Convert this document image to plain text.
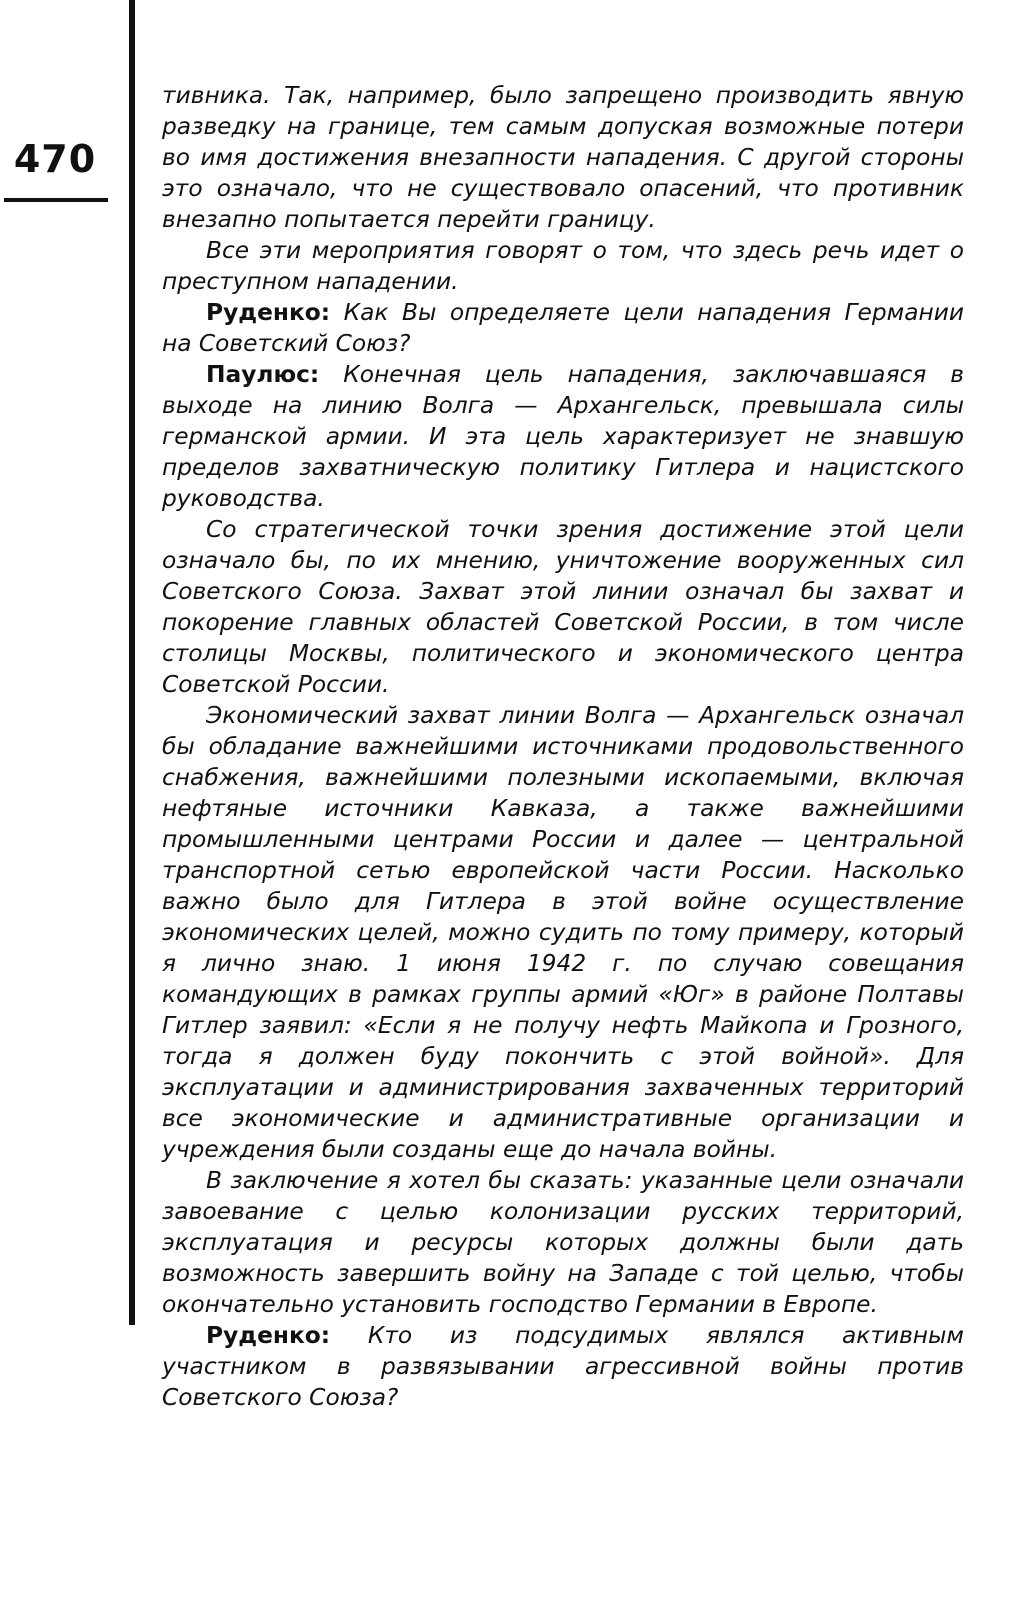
470

тивника. Так, например, было запрещено производить явную разведку на границе, тем самым допуская возможные потери во имя достижения внезапности нападения. С другой стороны это означало, что не существовало опасений, что противник внезапно попытается перейти границу.

Все эти мероприятия говорят о том, что здесь речь идет о преступном нападении.

Руденко: Как Вы определяете цели нападения Германии на Советский Союз?

Паулюс: Конечная цель нападения, заключавшаяся в выходе на линию Волга — Архангельск, превышала силы германской армии. И эта цель характеризует не знавшую пределов захватническую политику Гитлера и нацистского руководства.

Со стратегической точки зрения достижение этой цели означало бы, по их мнению, уничтожение вооруженных сил Советского Союза. Захват этой линии означал бы захват и покорение главных областей Советской России, в том числе столицы Москвы, политического и экономического центра Советской России.

Экономический захват линии Волга — Архангельск означал бы обладание важнейшими источниками продовольственного снабжения, важнейшими полезными ископаемыми, включая нефтяные источники Кавказа, а также важнейшими промышленными центрами России и далее — центральной транспортной сетью европейской части России. Насколько важно было для Гитлера в этой войне осуществление экономических целей, можно судить по тому примеру, который я лично знаю. 1 июня 1942 г. по случаю совещания командующих в рамках группы армий «Юг» в районе Полтавы Гитлер заявил: «Если я не получу нефть Майкопа и Грозного, тогда я должен буду покончить с этой войной». Для эксплуатации и администрирования захваченных территорий все экономические и административные организации и учреждения были созданы еще до начала войны.

В заключение я хотел бы сказать: указанные цели означали завоевание с целью колонизации русских территорий, эксплуатация и ресурсы которых должны были дать возможность завершить войну на Западе с той целью, чтобы окончательно установить господство Германии в Европе.

Руденко: Кто из подсудимых являлся активным участником в развязывании агрессивной войны против Советского Союза?
